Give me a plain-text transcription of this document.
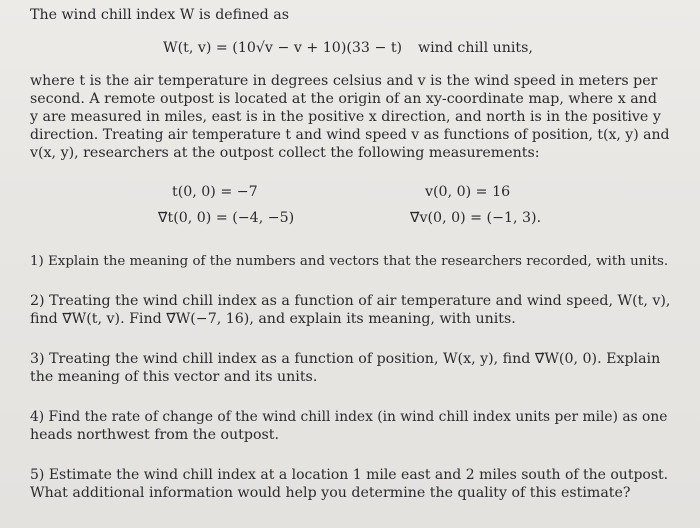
The wind chill index W is defined as
W(t, v) = (10√v − v + 10)(33 − t) wind chill units,
where t is the air temperature in degrees celsius and v is the wind speed in meters per
second. A remote outpost is located at the origin of an xy-coordinate map, where x and
y are measured in miles, east is in the positive x direction, and north is in the positive y
direction. Treating air temperature t and wind speed v as functions of position, t(x, y) and
v(x, y), researchers at the outpost collect the following measurements:
t(0, 0) = −7	v(0, 0) = 16
∇⃗t(0, 0) = (−4, −5)	∇⃗v(0, 0) = (−1, 3).
1) Explain the meaning of the numbers and vectors that the researchers recorded, with units.
2) Treating the wind chill index as a function of air temperature and wind speed, W(t, v),
find ∇⃗W(t, v). Find ∇⃗W(−7, 16), and explain its meaning, with units.
3) Treating the wind chill index as a function of position, W(x, y), find ∇⃗W(0, 0). Explain
the meaning of this vector and its units.
4) Find the rate of change of the wind chill index (in wind chill index units per mile) as one
heads northwest from the outpost.
5) Estimate the wind chill index at a location 1 mile east and 2 miles south of the outpost.
What additional information would help you determine the quality of this estimate?
